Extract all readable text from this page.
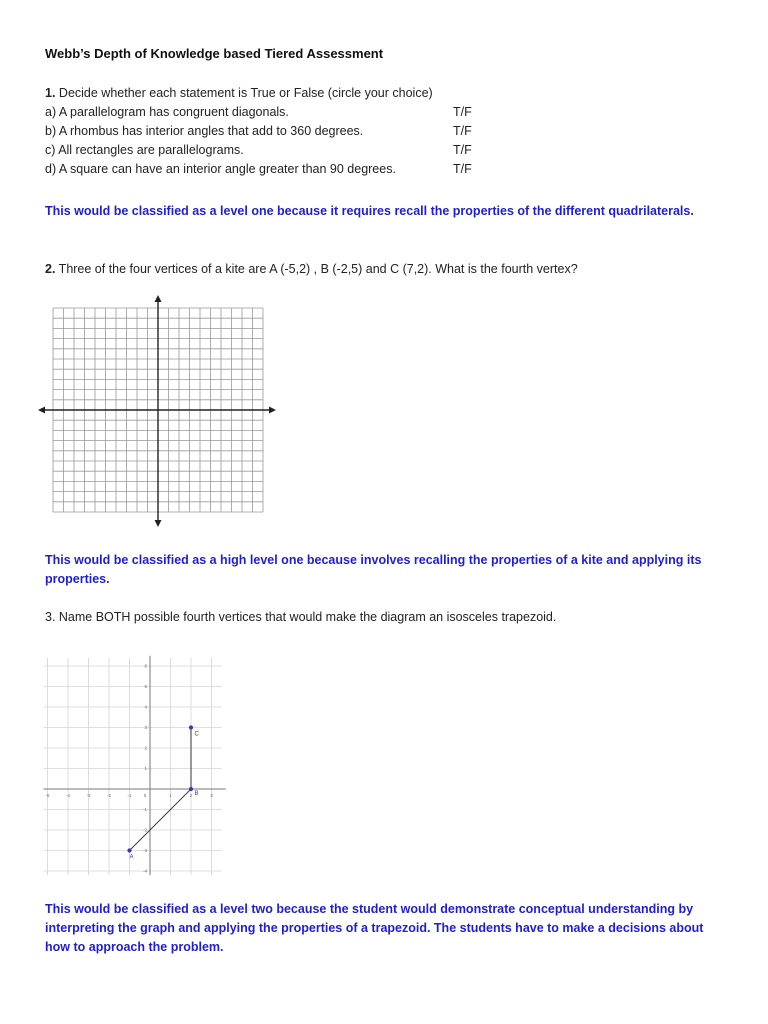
Webb’s Depth of Knowledge based Tiered Assessment
1. Decide whether each statement is True or False (circle your choice)
a) A parallelogram has congruent diagonals.	T/F
b) A rhombus has interior angles that add to 360 degrees.	T/F
c) All rectangles are parallelograms.	T/F
d) A square can have an interior angle greater than 90 degrees.	T/F
This would be classified as a level one because it requires recall the properties of the different quadrilaterals.
2. Three of the four vertices of a kite are A (-5,2) , B (-2,5) and C (7,2). What is the fourth vertex?
This would be classified as a high level one because involves recalling the properties of a kite and applying its properties.
3. Name BOTH possible fourth vertices that would make the diagram an isosceles trapezoid.
-5	-4	-3	-2	-1	0	1	2	3
6
5
4
3
2
1
-1
-2
-3
-4
A
B
C
This would be classified as a level two because the student would demonstrate conceptual understanding by interpreting the graph and applying the properties of a trapezoid. The students have to make a decisions about how to approach the problem.
